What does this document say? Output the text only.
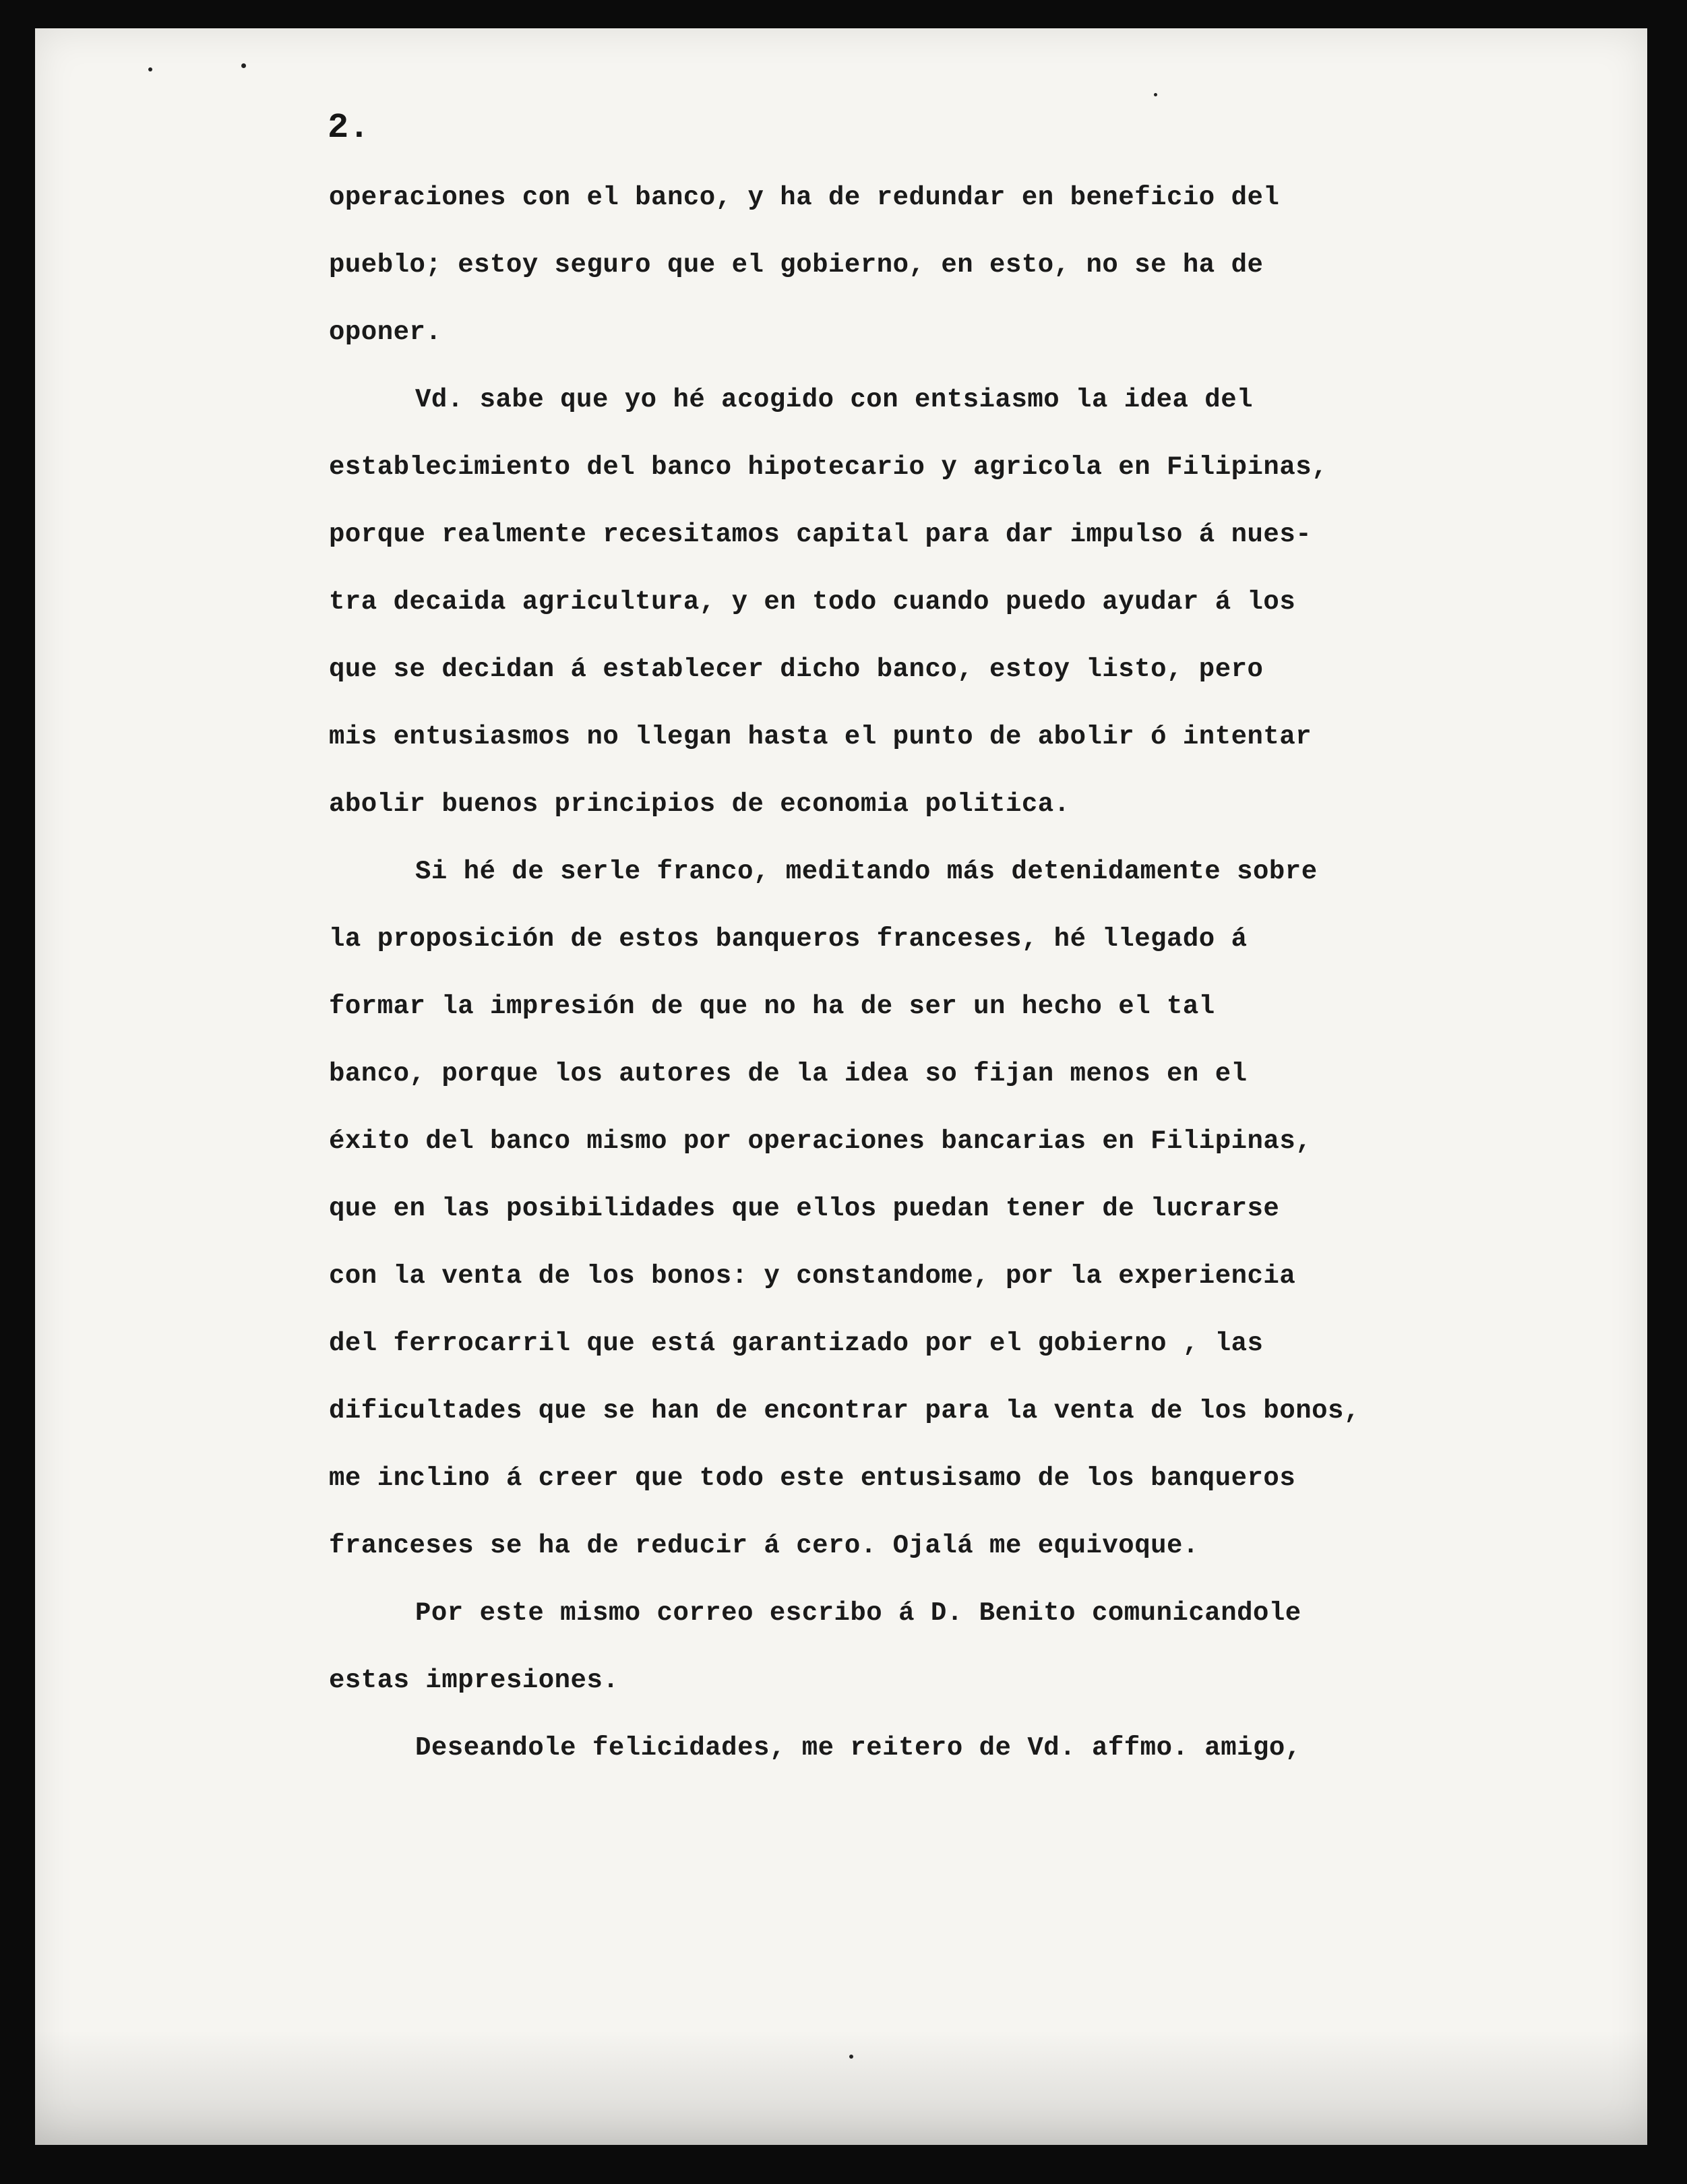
2.
operaciones con el banco, y ha de redundar en beneficio del
pueblo; estoy seguro que el gobierno, en esto, no se ha de
oponer.
Vd. sabe que yo hé acogido con entsiasmo la idea del
establecimiento del banco hipotecario y agricola en Filipinas,
porque realmente recesitamos capital para dar impulso á nues-
tra decaida agricultura, y en todo cuando puedo ayudar á los
que se decidan á establecer dicho banco, estoy listo, pero
mis entusiasmos no llegan hasta el punto de abolir ó intentar
abolir buenos principios de economia politica.
Si hé de serle franco, meditando más detenidamente sobre
la proposición de estos banqueros franceses, hé llegado á
formar la impresión de que no ha de ser un hecho el tal
banco, porque los autores de la idea so fijan menos en el
éxito del banco mismo por operaciones bancarias en Filipinas,
que en las posibilidades que ellos puedan tener de lucrarse
con la venta de los bonos: y constandome, por la experiencia
del ferrocarril que está garantizado por el gobierno , las
dificultades que se han de encontrar para la venta de los bonos,
me inclino á creer que todo este entusisamo de los banqueros
franceses se ha de reducir á cero. Ojalá me equivoque.
Por este mismo correo escribo á D. Benito comunicandole
estas impresiones.
Deseandole felicidades, me reitero de Vd. affmo. amigo,
